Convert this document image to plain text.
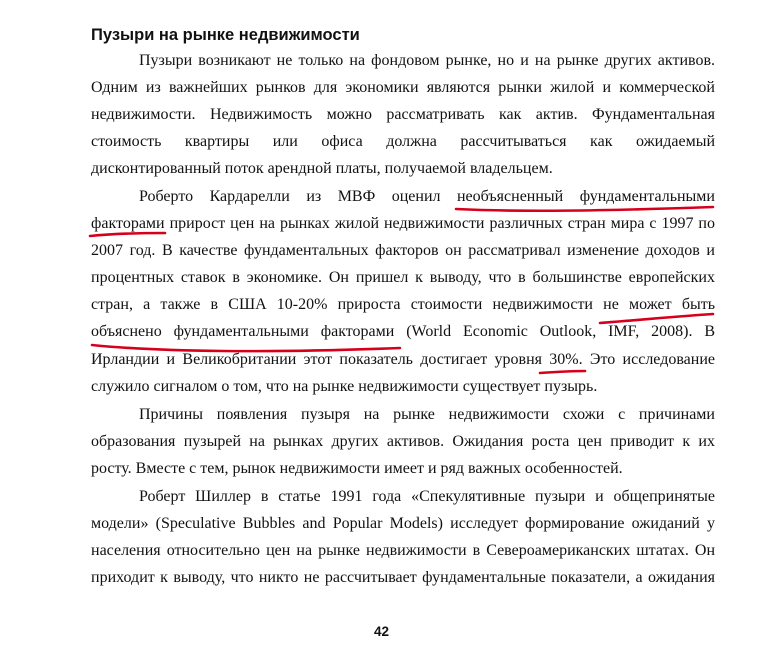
Пузыри на рынке недвижимости
Пузыри возникают не только на фондовом рынке, но и на рынке других активов.
Одним из важнейших рынков для экономики являются рынки жилой и коммерческой
недвижимости. Недвижимость можно рассматривать как актив. Фундаментальная
стоимость квартиры или офиса должна рассчитываться как ожидаемый
дисконтированный поток арендной платы, получаемой владельцем.
Роберто Кардарелли из МВФ оценил необъясненный фундаментальными
факторами прирост цен на рынках жилой недвижимости различных стран мира с 1997 по
2007 год. В качестве фундаментальных факторов он рассматривал изменение доходов и
процентных ставок в экономике. Он пришел к выводу, что в большинстве европейских
стран, а также в США 10-20% прироста стоимости недвижимости не может быть
объяснено фундаментальными факторами (World Economic Outlook, IMF, 2008). В
Ирландии и Великобритании этот показатель достигает уровня 30%. Это исследование
служило сигналом о том, что на рынке недвижимости существует пузырь.
Причины появления пузыря на рынке недвижимости схожи с причинами
образования пузырей на рынках других активов. Ожидания роста цен приводит к их
росту. Вместе с тем, рынок недвижимости имеет и ряд важных особенностей.
Роберт Шиллер в статье 1991 года «Спекулятивные пузыри и общепринятые
модели» (Speculative Bubbles and Popular Models) исследует формирование ожиданий у
населения относительно цен на рынке недвижимости в Североамериканских штатах. Он
приходит к выводу, что никто не рассчитывает фундаментальные показатели, а ожидания
42
